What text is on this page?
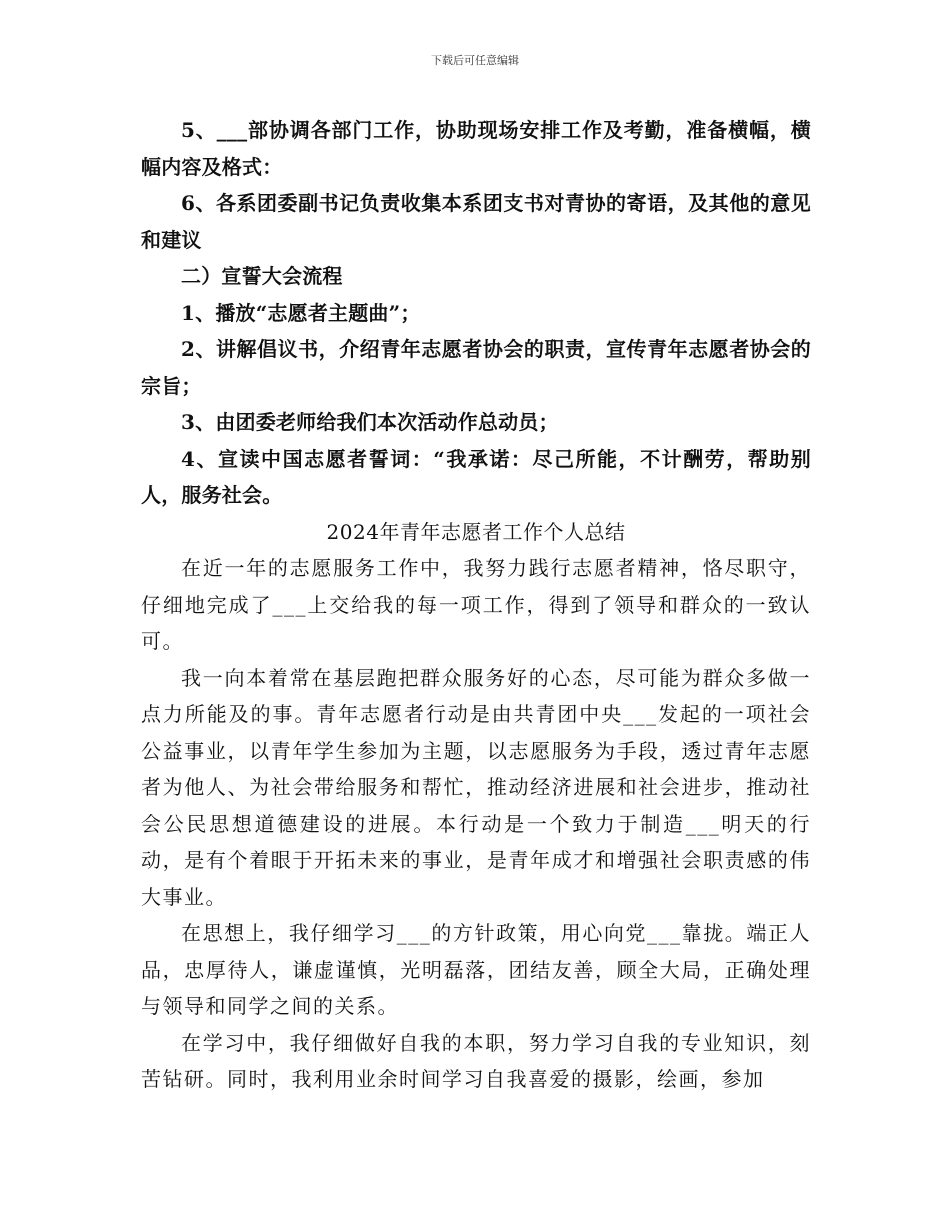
下载后可任意编辑

5、___部协调各部门工作，协助现场安排工作及考勤，准备横幅，横幅内容及格式：

6、各系团委副书记负责收集本系团支书对青协的寄语，及其他的意见和建议

二）宣誓大会流程

1、播放“志愿者主题曲”；

2、讲解倡议书，介绍青年志愿者协会的职责，宣传青年志愿者协会的宗旨；

3、由团委老师给我们本次活动作总动员；

4、宣读中国志愿者誓词：“我承诺：尽己所能，不计酬劳，帮助别人，服务社会。

2024年青年志愿者工作个人总结

在近一年的志愿服务工作中，我努力践行志愿者精神，恪尽职守，仔细地完成了___上交给我的每一项工作，得到了领导和群众的一致认可。

我一向本着常在基层跑把群众服务好的心态，尽可能为群众多做一点力所能及的事。青年志愿者行动是由共青团中央___发起的一项社会公益事业，以青年学生参加为主题，以志愿服务为手段，透过青年志愿者为他人、为社会带给服务和帮忙，推动经济进展和社会进步，推动社会公民思想道德建设的进展。本行动是一个致力于制造___明天的行动，是有个着眼于开拓未来的事业，是青年成才和增强社会职责感的伟大事业。

在思想上，我仔细学习___的方针政策，用心向党___靠拢。端正人品，忠厚待人，谦虚谨慎，光明磊落，团结友善，顾全大局，正确处理与领导和同学之间的关系。

在学习中，我仔细做好自我的本职，努力学习自我的专业知识，刻苦钻研。同时，我利用业余时间学习自我喜爱的摄影，绘画，参加
